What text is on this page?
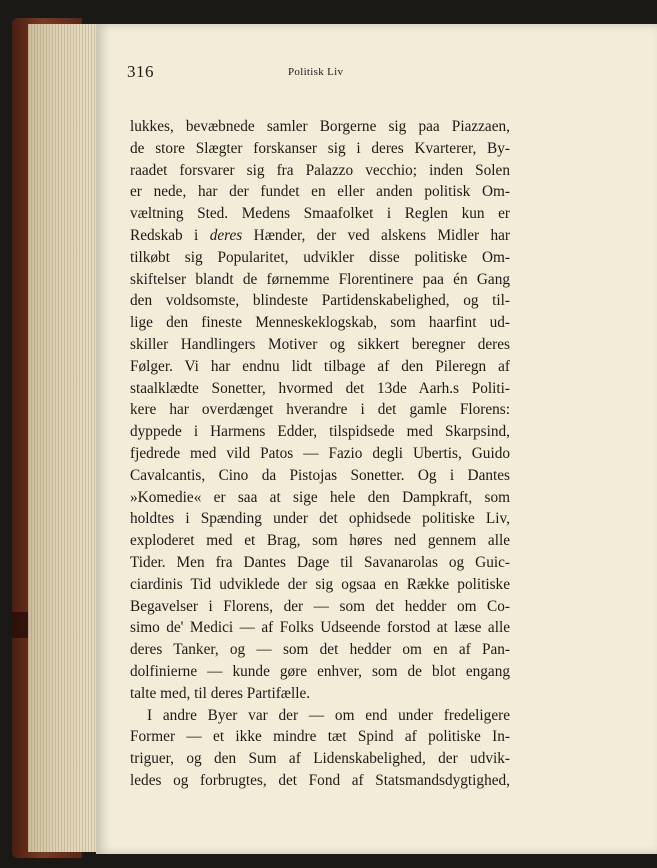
316	Politisk Liv
lukkes, bevæbnede samler Borgerne sig paa Piazzaen,
de store Slægter forskanser sig i deres Kvarterer, By-
raadet forsvarer sig fra Palazzo vecchio; inden Solen
er nede, har der fundet en eller anden politisk Om-
væltning Sted. Medens Smaafolket i Reglen kun er
Redskab i deres Hænder, der ved alskens Midler har
tilkøbt sig Popularitet, udvikler disse politiske Om-
skiftelser blandt de førnemme Florentinere paa én Gang
den voldsomste, blindeste Partidenskabelighed, og til-
lige den fineste Menneskeklogskab, som haarfint ud-
skiller Handlingers Motiver og sikkert beregner deres
Følger. Vi har endnu lidt tilbage af den Pileregn af
staalklædte Sonetter, hvormed det 13de Aarh.s Politi-
kere har overdænget hverandre i det gamle Florens:
dyppede i Harmens Edder, tilspidsede med Skarpsind,
fjedrede med vild Patos — Fazio degli Ubertis, Guido
Cavalcantis, Cino da Pistojas Sonetter. Og i Dantes
»Komedie« er saa at sige hele den Dampkraft, som
holdtes i Spænding under det ophidsede politiske Liv,
exploderet med et Brag, som høres ned gennem alle
Tider. Men fra Dantes Dage til Savanarolas og Guic-
ciardinis Tid udviklede der sig ogsaa en Række politiske
Begavelser i Florens, der — som det hedder om Co-
simo de' Medici — af Folks Udseende forstod at læse alle
deres Tanker, og — som det hedder om en af Pan-
dolfinierne — kunde gøre enhver, som de blot engang
talte med, til deres Partifælle.
I andre Byer var der — om end under fredeligere
Former — et ikke mindre tæt Spind af politiske In-
triguer, og den Sum af Lidenskabelighed, der udvik-
ledes og forbrugtes, det Fond af Statsmandsdygtighed,
